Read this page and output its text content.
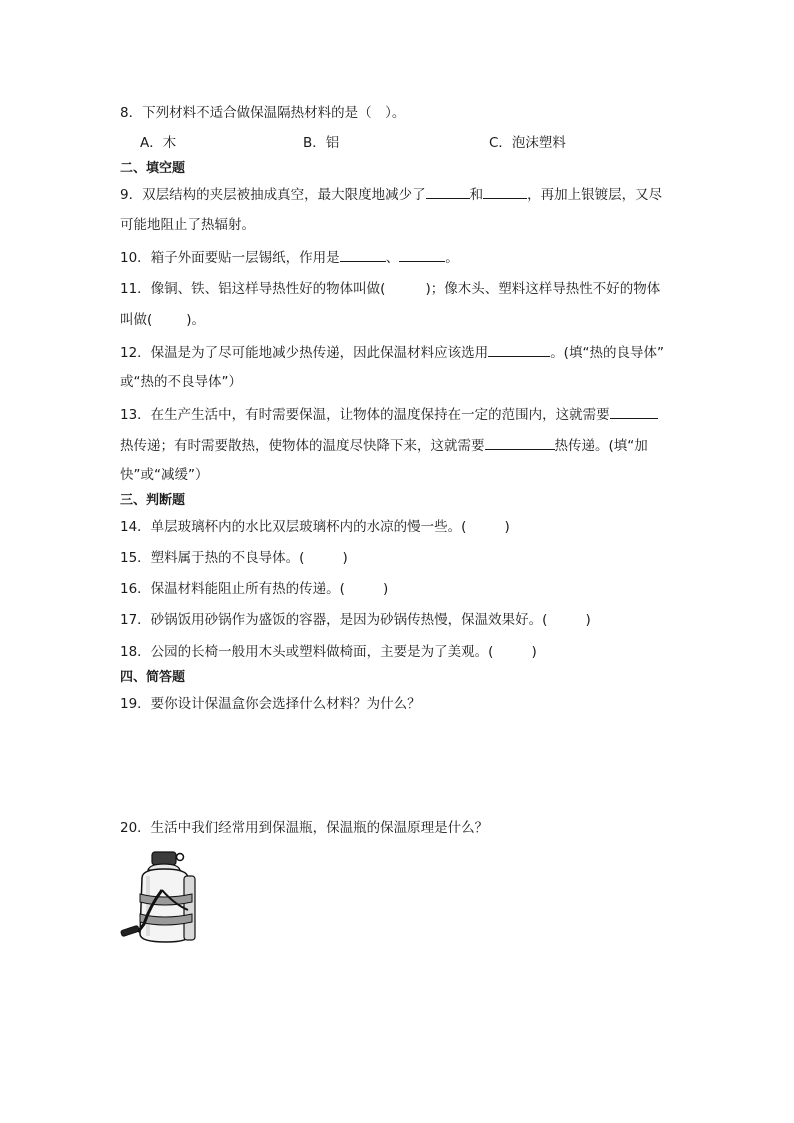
8．下列材料不适合做保温隔热材料的是（　）。
A．木	B．铝	C．泡沫塑料
二、填空题
9．双层结构的夹层被抽成真空，最大限度地减少了	和	，再加上银镀层，又尽
可能地阻止了热辐射。
10．箱子外面要贴一层锡纸，作用是	、	。
11．像铜、铁、铝这样导热性好的物体叫做(	)；像木头、塑料这样导热性不好的物体
叫做(	)。
12．保温是为了尽可能地减少热传递，因此保温材料应该选用	。(填“热的良导体”
或“热的不良导体”）
13．在生产生活中，有时需要保温，让物体的温度保持在一定的范围内，这就需要
热传递；有时需要散热，使物体的温度尽快降下来，这就需要	热传递。(填“加
快”或“减缓”）
三、判断题
14．单层玻璃杯内的水比双层玻璃杯内的水凉的慢一些。(	)
15．塑料属于热的不良导体。(	)
16．保温材料能阻止所有热的传递。(	)
17．砂锅饭用砂锅作为盛饭的容器，是因为砂锅传热慢，保温效果好。(	)
18．公园的长椅一般用木头或塑料做椅面，主要是为了美观。(	)
四、简答题
19．要你设计保温盒你会选择什么材料？为什么？
20．生活中我们经常用到保温瓶，保温瓶的保温原理是什么？
